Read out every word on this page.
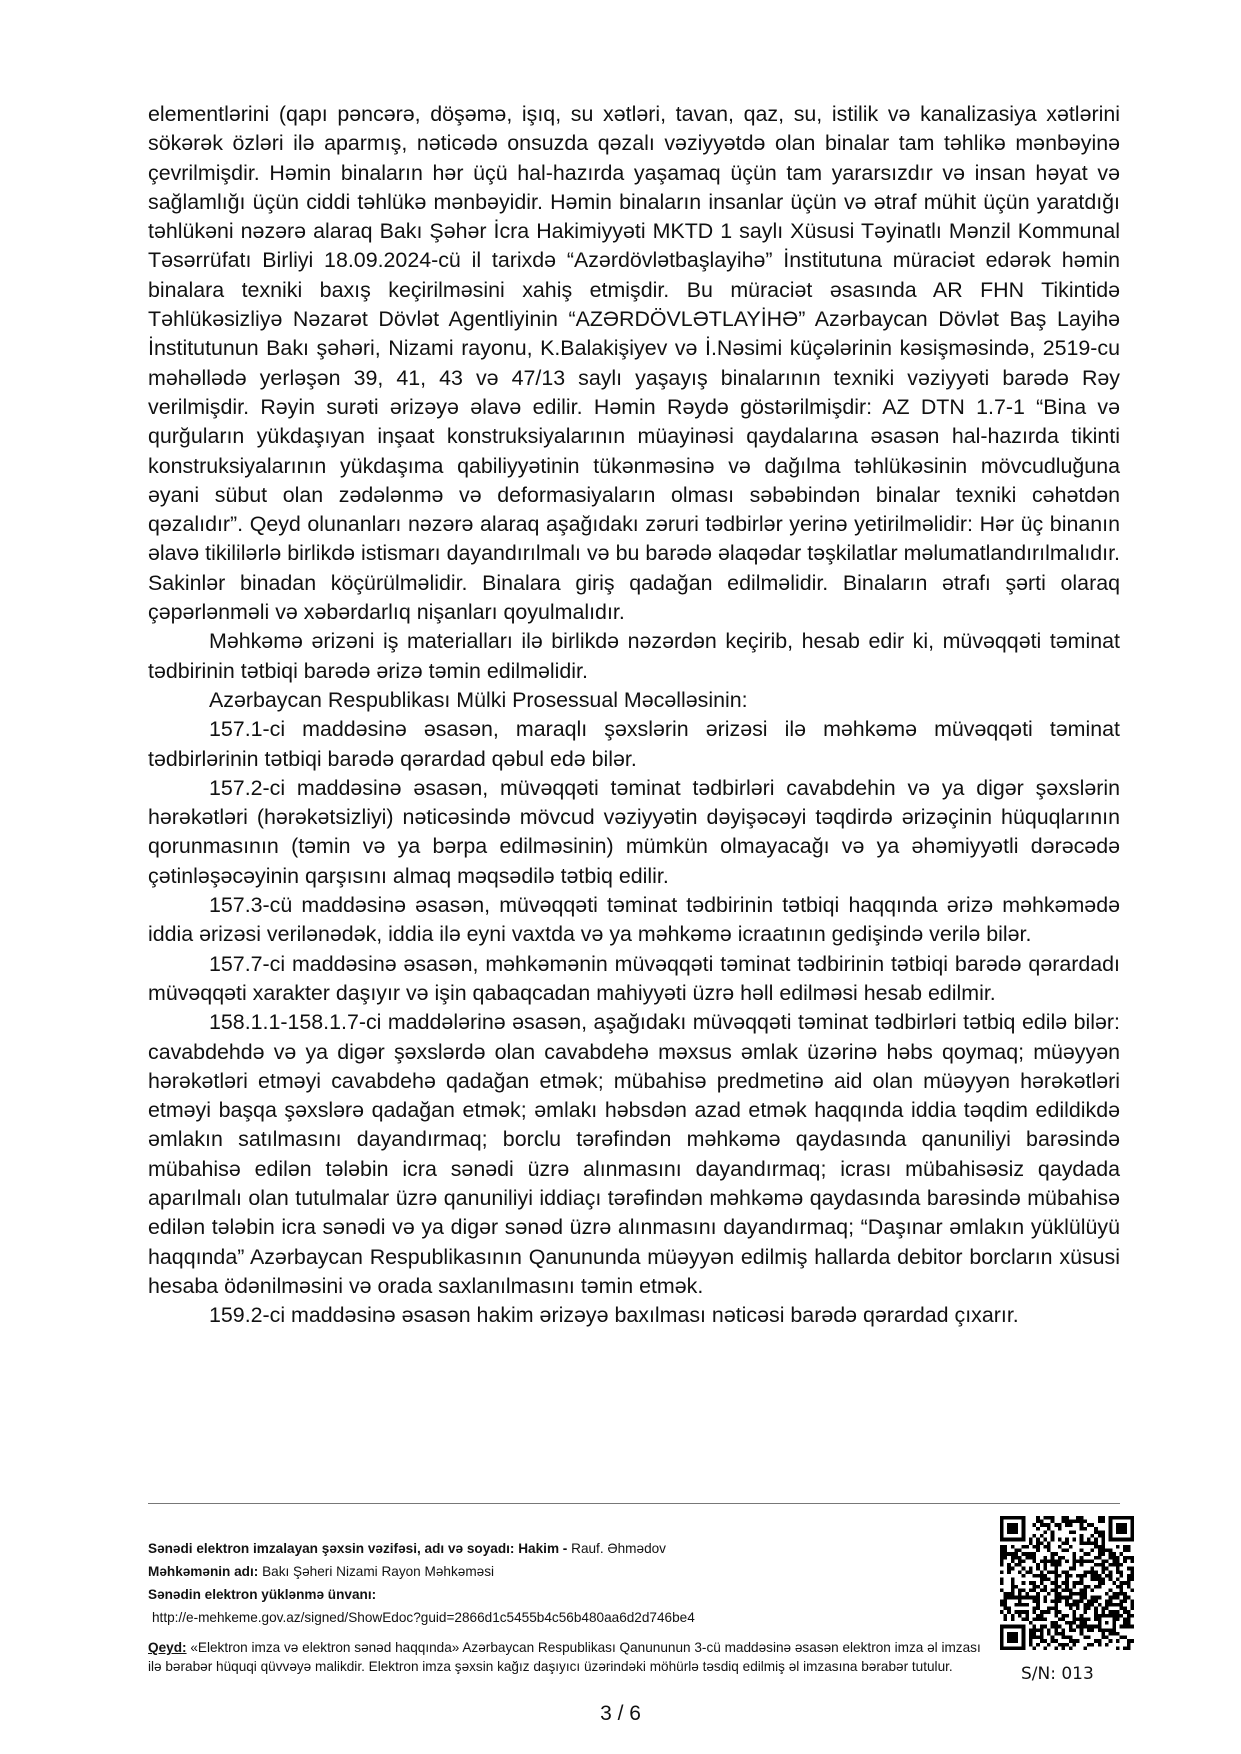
elementlərini (qapı pəncərə, döşəmə, işıq, su xətləri, tavan, qaz, su, istilik və kanalizasiya xətlərini sökərək özləri ilə aparmış, nəticədə onsuzda qəzalı vəziyyətdə olan binalar tam təhlikə mənbəyinə çevrilmişdir. Həmin binaların hər üçü hal-hazırda yaşamaq üçün tam yararsızdır və insan həyat və sağlamlığı üçün ciddi təhlükə mənbəyidir. Həmin binaların insanlar üçün və ətraf mühit üçün yaratdığı təhlükəni nəzərə alaraq Bakı Şəhər İcra Hakimiyyəti MKTD 1 saylı Xüsusi Təyinatlı Mənzil Kommunal Təsərrüfatı Birliyi 18.09.2024-cü il tarixdə “Azərdövlətbaşlayihə” İnstitutuna müraciət edərək həmin binalara texniki baxış keçirilməsini xahiş etmişdir. Bu müraciət əsasında AR FHN Tikintidə Təhlükəsizliyə Nəzarət Dövlət Agentliyinin “AZƏRDÖVLƏTLAYİHƏ” Azərbaycan Dövlət Baş Layihə İnstitutunun Bakı şəhəri, Nizami rayonu, K.Balakişiyev və İ.Nəsimi küçələrinin kəsişməsində, 2519-cu məhəllədə yerləşən 39, 41, 43 və 47/13 saylı yaşayış binalarının texniki vəziyyəti barədə Rəy verilmişdir. Rəyin surəti ərizəyə əlavə edilir. Həmin Rəydə göstərilmişdir: AZ DTN 1.7-1 “Bina və qurğuların yükdaşıyan inşaat konstruksiyalarının müayinəsi qaydalarına əsasən hal-hazırda tikinti konstruksiyalarının yükdaşıma qabiliyyətinin tükənməsinə və dağılma təhlükəsinin mövcudluğuna əyani sübut olan zədələnmə və deformasiyaların olması səbəbindən binalar texniki cəhətdən qəzalıdır”. Qeyd olunanları nəzərə alaraq aşağıdakı zəruri tədbirlər yerinə yetirilməlidir: Hər üç binanın əlavə tikililərlə birlikdə istismarı dayandırılmalı və bu barədə əlaqədar təşkilatlar məlumatlandırılmalıdır. Sakinlər binadan köçürülməlidir. Binalara giriş qadağan edilməlidir. Binaların ətrafı şərti olaraq çəpərlənməli və xəbərdarlıq nişanları qoyulmalıdır.

Məhkəmə ərizəni iş materialları ilə birlikdə nəzərdən keçirib, hesab edir ki, müvəqqəti təminat tədbirinin tətbiqi barədə ərizə təmin edilməlidir.

Azərbaycan Respublikası Mülki Prosessual Məcəlləsinin:

157.1-ci maddəsinə əsasən, maraqlı şəxslərin ərizəsi ilə məhkəmə müvəqqəti təminat tədbirlərinin tətbiqi barədə qərardad qəbul edə bilər.

157.2-ci maddəsinə əsasən, müvəqqəti təminat tədbirləri cavabdehin və ya digər şəxslərin hərəkətləri (hərəkətsizliyi) nəticəsində mövcud vəziyyətin dəyişəcəyi təqdirdə ərizəçinin hüquqlarının qorunmasının (təmin və ya bərpa edilməsinin) mümkün olmayacağı və ya əhəmiyyətli dərəcədə çətinləşəcəyinin qarşısını almaq məqsədilə tətbiq edilir.

157.3-cü maddəsinə əsasən, müvəqqəti təminat tədbirinin tətbiqi haqqında ərizə məhkəmədə iddia ərizəsi verilənədək, iddia ilə eyni vaxtda və ya məhkəmə icraatının gedişində verilə bilər.

157.7-ci maddəsinə əsasən, məhkəmənin müvəqqəti təminat tədbirinin tətbiqi barədə qərardadı müvəqqəti xarakter daşıyır və işin qabaqcadan mahiyyəti üzrə həll edilməsi hesab edilmir.

158.1.1-158.1.7-ci maddələrinə əsasən, aşağıdakı müvəqqəti təminat tədbirləri tətbiq edilə bilər: cavabdehdə və ya digər şəxslərdə olan cavabdehə məxsus əmlak üzərinə həbs qoymaq; müəyyən hərəkətləri etməyi cavabdehə qadağan etmək; mübahisə predmetinə aid olan müəyyən hərəkətləri etməyi başqa şəxslərə qadağan etmək; əmlakı həbsdən azad etmək haqqında iddia təqdim edildikdə əmlakın satılmasını dayandırmaq; borclu tərəfindən məhkəmə qaydasında qanuniliyi barəsində mübahisə edilən tələbin icra sənədi üzrə alınmasını dayandırmaq; icrası mübahisəsiz qaydada aparılmalı olan tutulmalar üzrə qanuniliyi iddiaçı tərəfindən məhkəmə qaydasında barəsində mübahisə edilən tələbin icra sənədi və ya digər sənəd üzrə alınmasını dayandırmaq; “Daşınar əmlakın yüklülüyü haqqında” Azərbaycan Respublikasının Qanununda müəyyən edilmiş hallarda debitor borcların xüsusi hesaba ödənilməsini və orada saxlanılmasını təmin etmək.

159.2-ci maddəsinə əsasən hakim ərizəyə baxılması nəticəsi barədə qərardad çıxarır.

Sənədi elektron imzalayan şəxsin vəzifəsi, adı və soyadı: Hakim - Rauf. Əhmədov
Məhkəmənin adı: Bakı Şəheri Nizami Rayon Məhkəməsi
Sənədin elektron yüklənmə ünvanı:
http://e-mehkeme.gov.az/signed/ShowEdoc?guid=2866d1c5455b4c56b480aa6d2d746be4
Qeyd: «Elektron imza və elektron sənəd haqqında» Azərbaycan Respublikası Qanununun 3-cü maddəsinə əsasən elektron imza əl imzası ilə bərabər hüquqi qüvvəyə malikdir. Elektron imza şəxsin kağız daşıyıcı üzərindəki möhürlə təsdiq edilmiş əl imzasına bərabər tutulur.	S/N: 013
3 / 6
